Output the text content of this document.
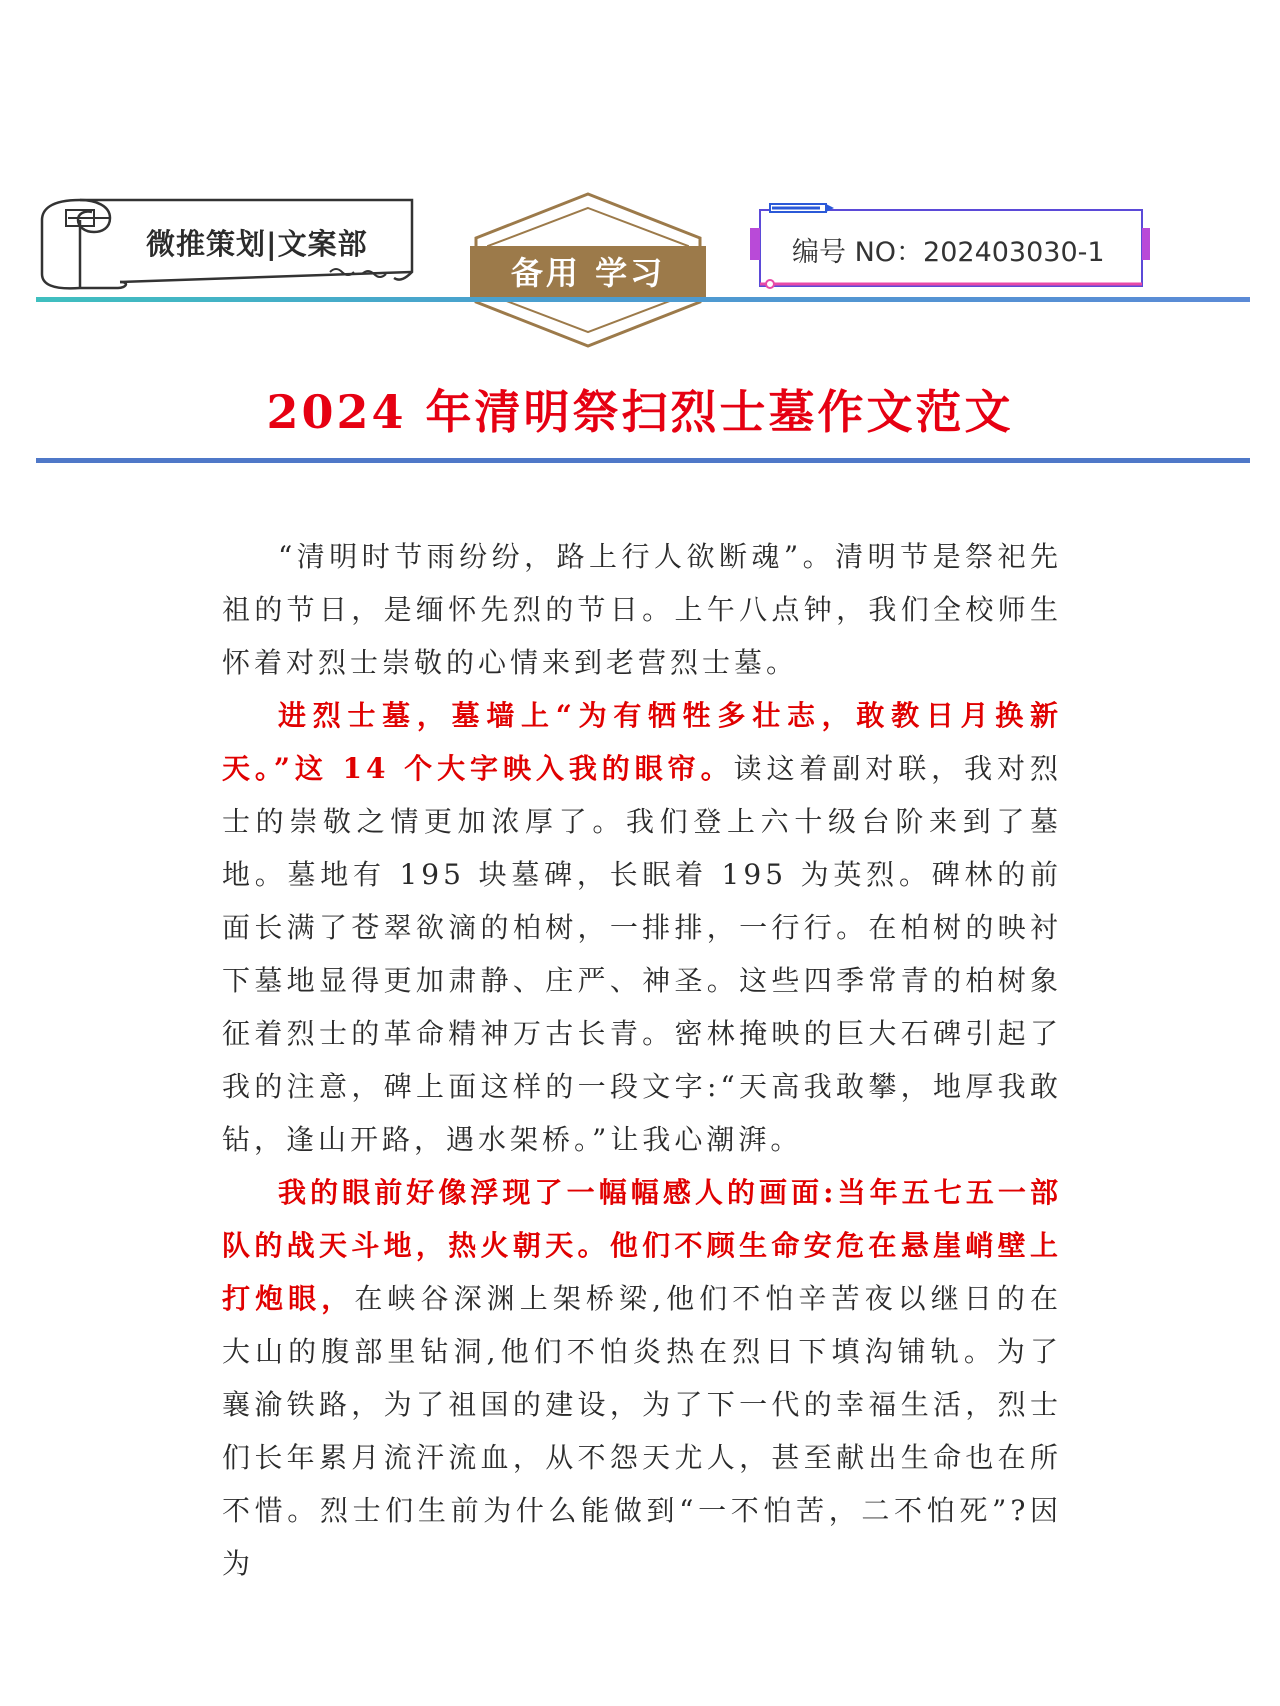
微推策划|文案部
备用 学习
编号 NO：202403030-1
2024 年清明祭扫烈士墓作文范文

“清明时节雨纷纷，路上行人欲断魂”。清明节是祭祀先祖的节日，是缅怀先烈的节日。上午八点钟，我们全校师生怀着对烈士崇敬的心情来到老营烈士墓。

进烈士墓，墓墙上“为有牺牲多壮志，敢教日月换新天。”这 14 个大字映入我的眼帘。读这着副对联，我对烈士的崇敬之情更加浓厚了。我们登上六十级台阶来到了墓地。墓地有 195 块墓碑，长眠着 195 为英烈。碑林的前面长满了苍翠欲滴的柏树，一排排，一行行。在柏树的映衬下墓地显得更加肃静、庄严、神圣。这些四季常青的柏树象征着烈士的革命精神万古长青。密林掩映的巨大石碑引起了我的注意，碑上面这样的一段文字:“天高我敢攀，地厚我敢钻，逢山开路，遇水架桥。”让我心潮湃。

我的眼前好像浮现了一幅幅感人的画面:当年五七五一部队的战天斗地，热火朝天。他们不顾生命安危在悬崖峭壁上打炮眼，在峡谷深渊上架桥梁,他们不怕辛苦夜以继日的在大山的腹部里钻洞,他们不怕炎热在烈日下填沟铺轨。为了襄渝铁路，为了祖国的建设，为了下一代的幸福生活，烈士们长年累月流汗流血，从不怨天尤人，甚至献出生命也在所不惜。烈士们生前为什么能做到“一不怕苦，二不怕死”?因为
